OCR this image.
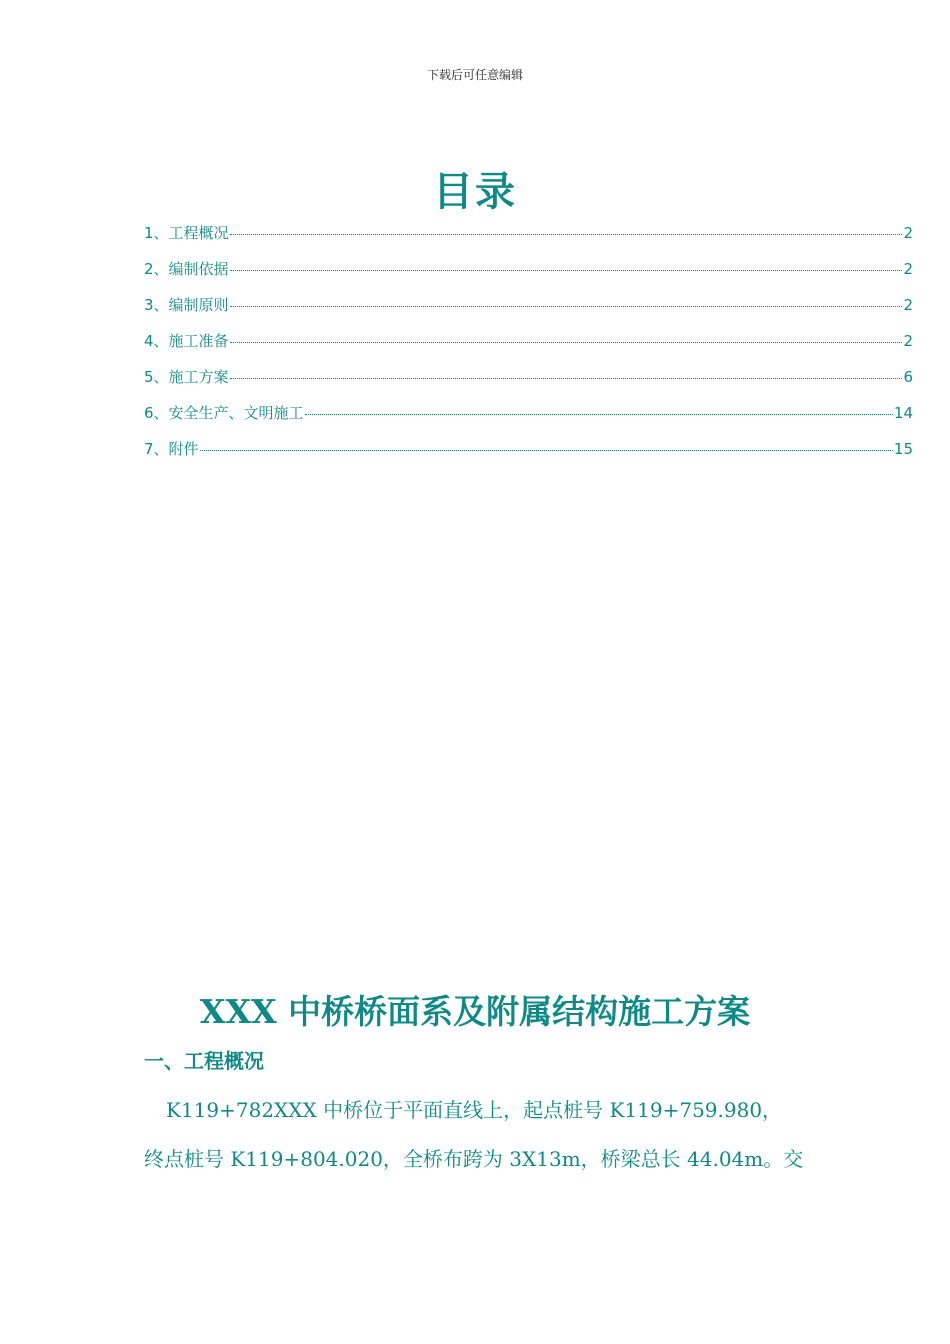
下载后可任意编辑
目录
1、工程概况	2
2、编制依据	2
3、编制原则	2
4、施工准备	2
5、施工方案	6
6、安全生产、文明施工	14
7、附件	15
XXX 中桥桥面系及附属结构施工方案
一、工程概况
K119+782XXX 中桥位于平面直线上，起点桩号 K119+759.980，
终点桩号 K119+804.020，全桥布跨为 3X13m，桥梁总长 44.04m。交
